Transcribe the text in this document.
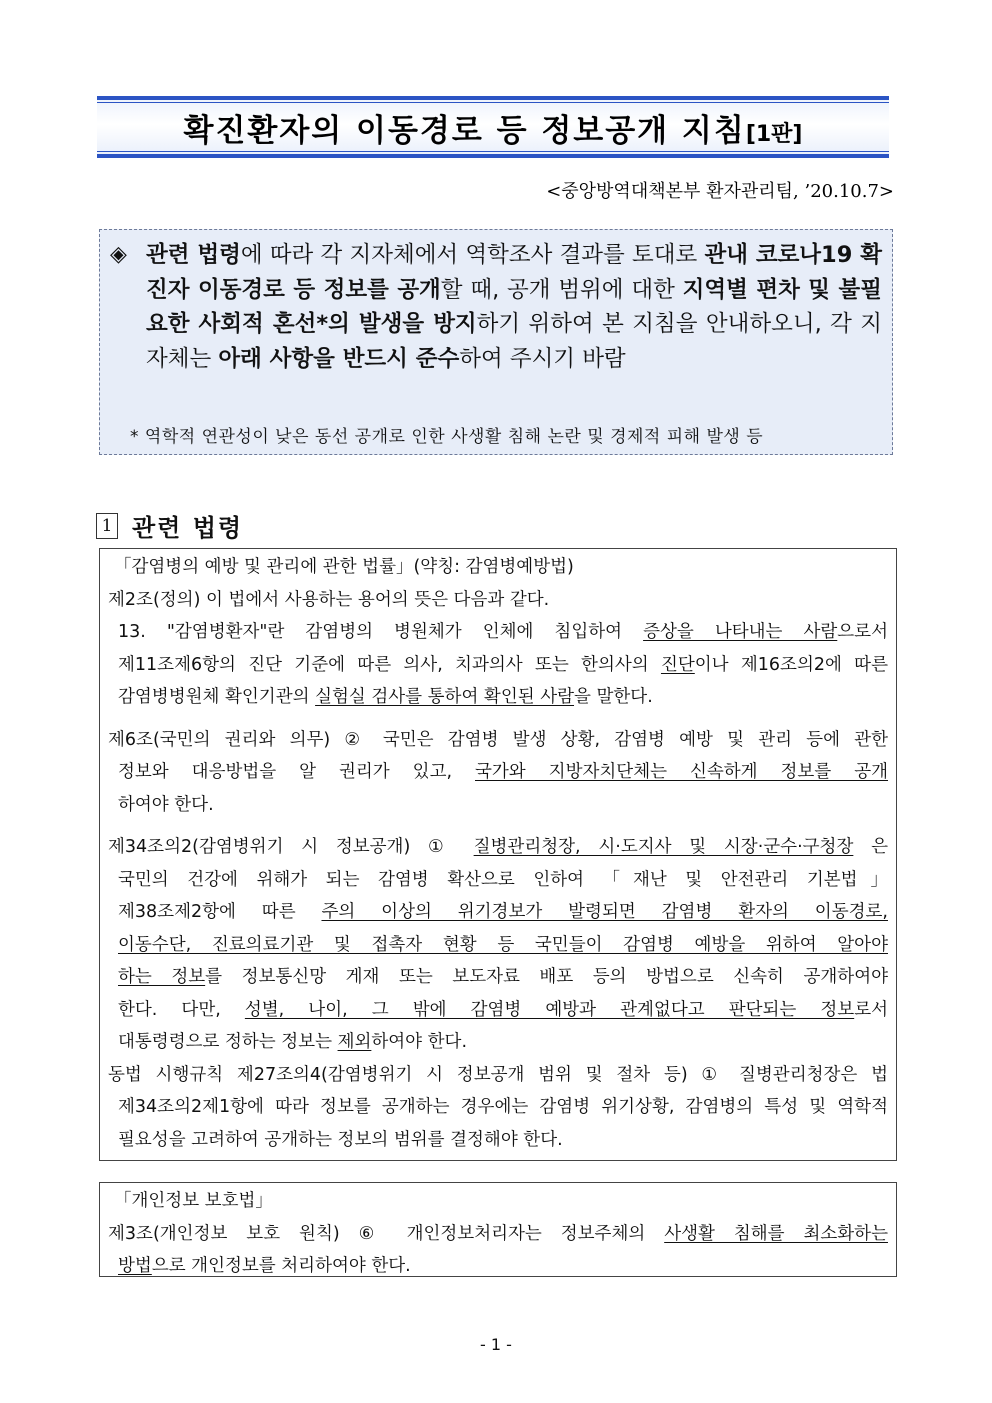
확진환자의 이동경로 등 정보공개 지침[1판]
<중앙방역대책본부 환자관리팀, ’20.10.7>
◈ 관련 법령에 따라 각 지자체에서 역학조사 결과를 토대로 관내 코로나19 확진자 이동경로 등 정보를 공개할 때, 공개 범위에 대한 지역별 편차 및 불필요한 사회적 혼선*의 발생을 방지하기 위하여 본 지침을 안내하오니, 각 지자체는 아래 사항을 반드시 준수하여 주시기 바람

* 역학적 연관성이 낮은 동선 공개로 인한 사생활 침해 논란 및 경제적 피해 발생 등
1 관련 법령
「감염병의 예방 및 관리에 관한 법률」(약칭: 감염병예방법)
제2조(정의) 이 법에서 사용하는 용어의 뜻은 다음과 같다.
13. "감염병환자"란 감염병의 병원체가 인체에 침입하여 증상을 나타내는 사람으로서
제11조제6항의 진단 기준에 따른 의사, 치과의사 또는 한의사의 진단이나 제16조의2에 따른
감염병병원체 확인기관의 실험실 검사를 통하여 확인된 사람을 말한다.
제6조(국민의 권리와 의무) ② 국민은 감염병 발생 상황, 감염병 예방 및 관리 등에 관한
정보와 대응방법을 알 권리가 있고, 국가와 지방자치단체는 신속하게 정보를 공개
하여야 한다.
제34조의2(감염병위기 시 정보공개) ① 질병관리청장, 시·도지사 및 시장·군수·구청장 은
국민의 건강에 위해가 되는 감염병 확산으로 인하여 「재난 및 안전관리 기본법」
제38조제2항에 따른 주의 이상의 위기경보가 발령되면 감염병 환자의 이동경로,
이동수단, 진료의료기관 및 접촉자 현황 등 국민들이 감염병 예방을 위하여 알아야
하는 정보를 정보통신망 게재 또는 보도자료 배포 등의 방법으로 신속히 공개하여야
한다. 다만, 성별, 나이, 그 밖에 감염병 예방과 관계없다고 판단되는 정보로서
대통령령으로 정하는 정보는 제외하여야 한다.
동법 시행규칙 제27조의4(감염병위기 시 정보공개 범위 및 절차 등) ① 질병관리청장은 법
제34조의2제1항에 따라 정보를 공개하는 경우에는 감염병 위기상황, 감염병의 특성 및 역학적
필요성을 고려하여 공개하는 정보의 범위를 결정해야 한다.
「개인정보 보호법」
제3조(개인정보 보호 원칙) ⑥ 개인정보처리자는 정보주체의 사생활 침해를 최소화하는
방법으로 개인정보를 처리하여야 한다.
- 1 -
